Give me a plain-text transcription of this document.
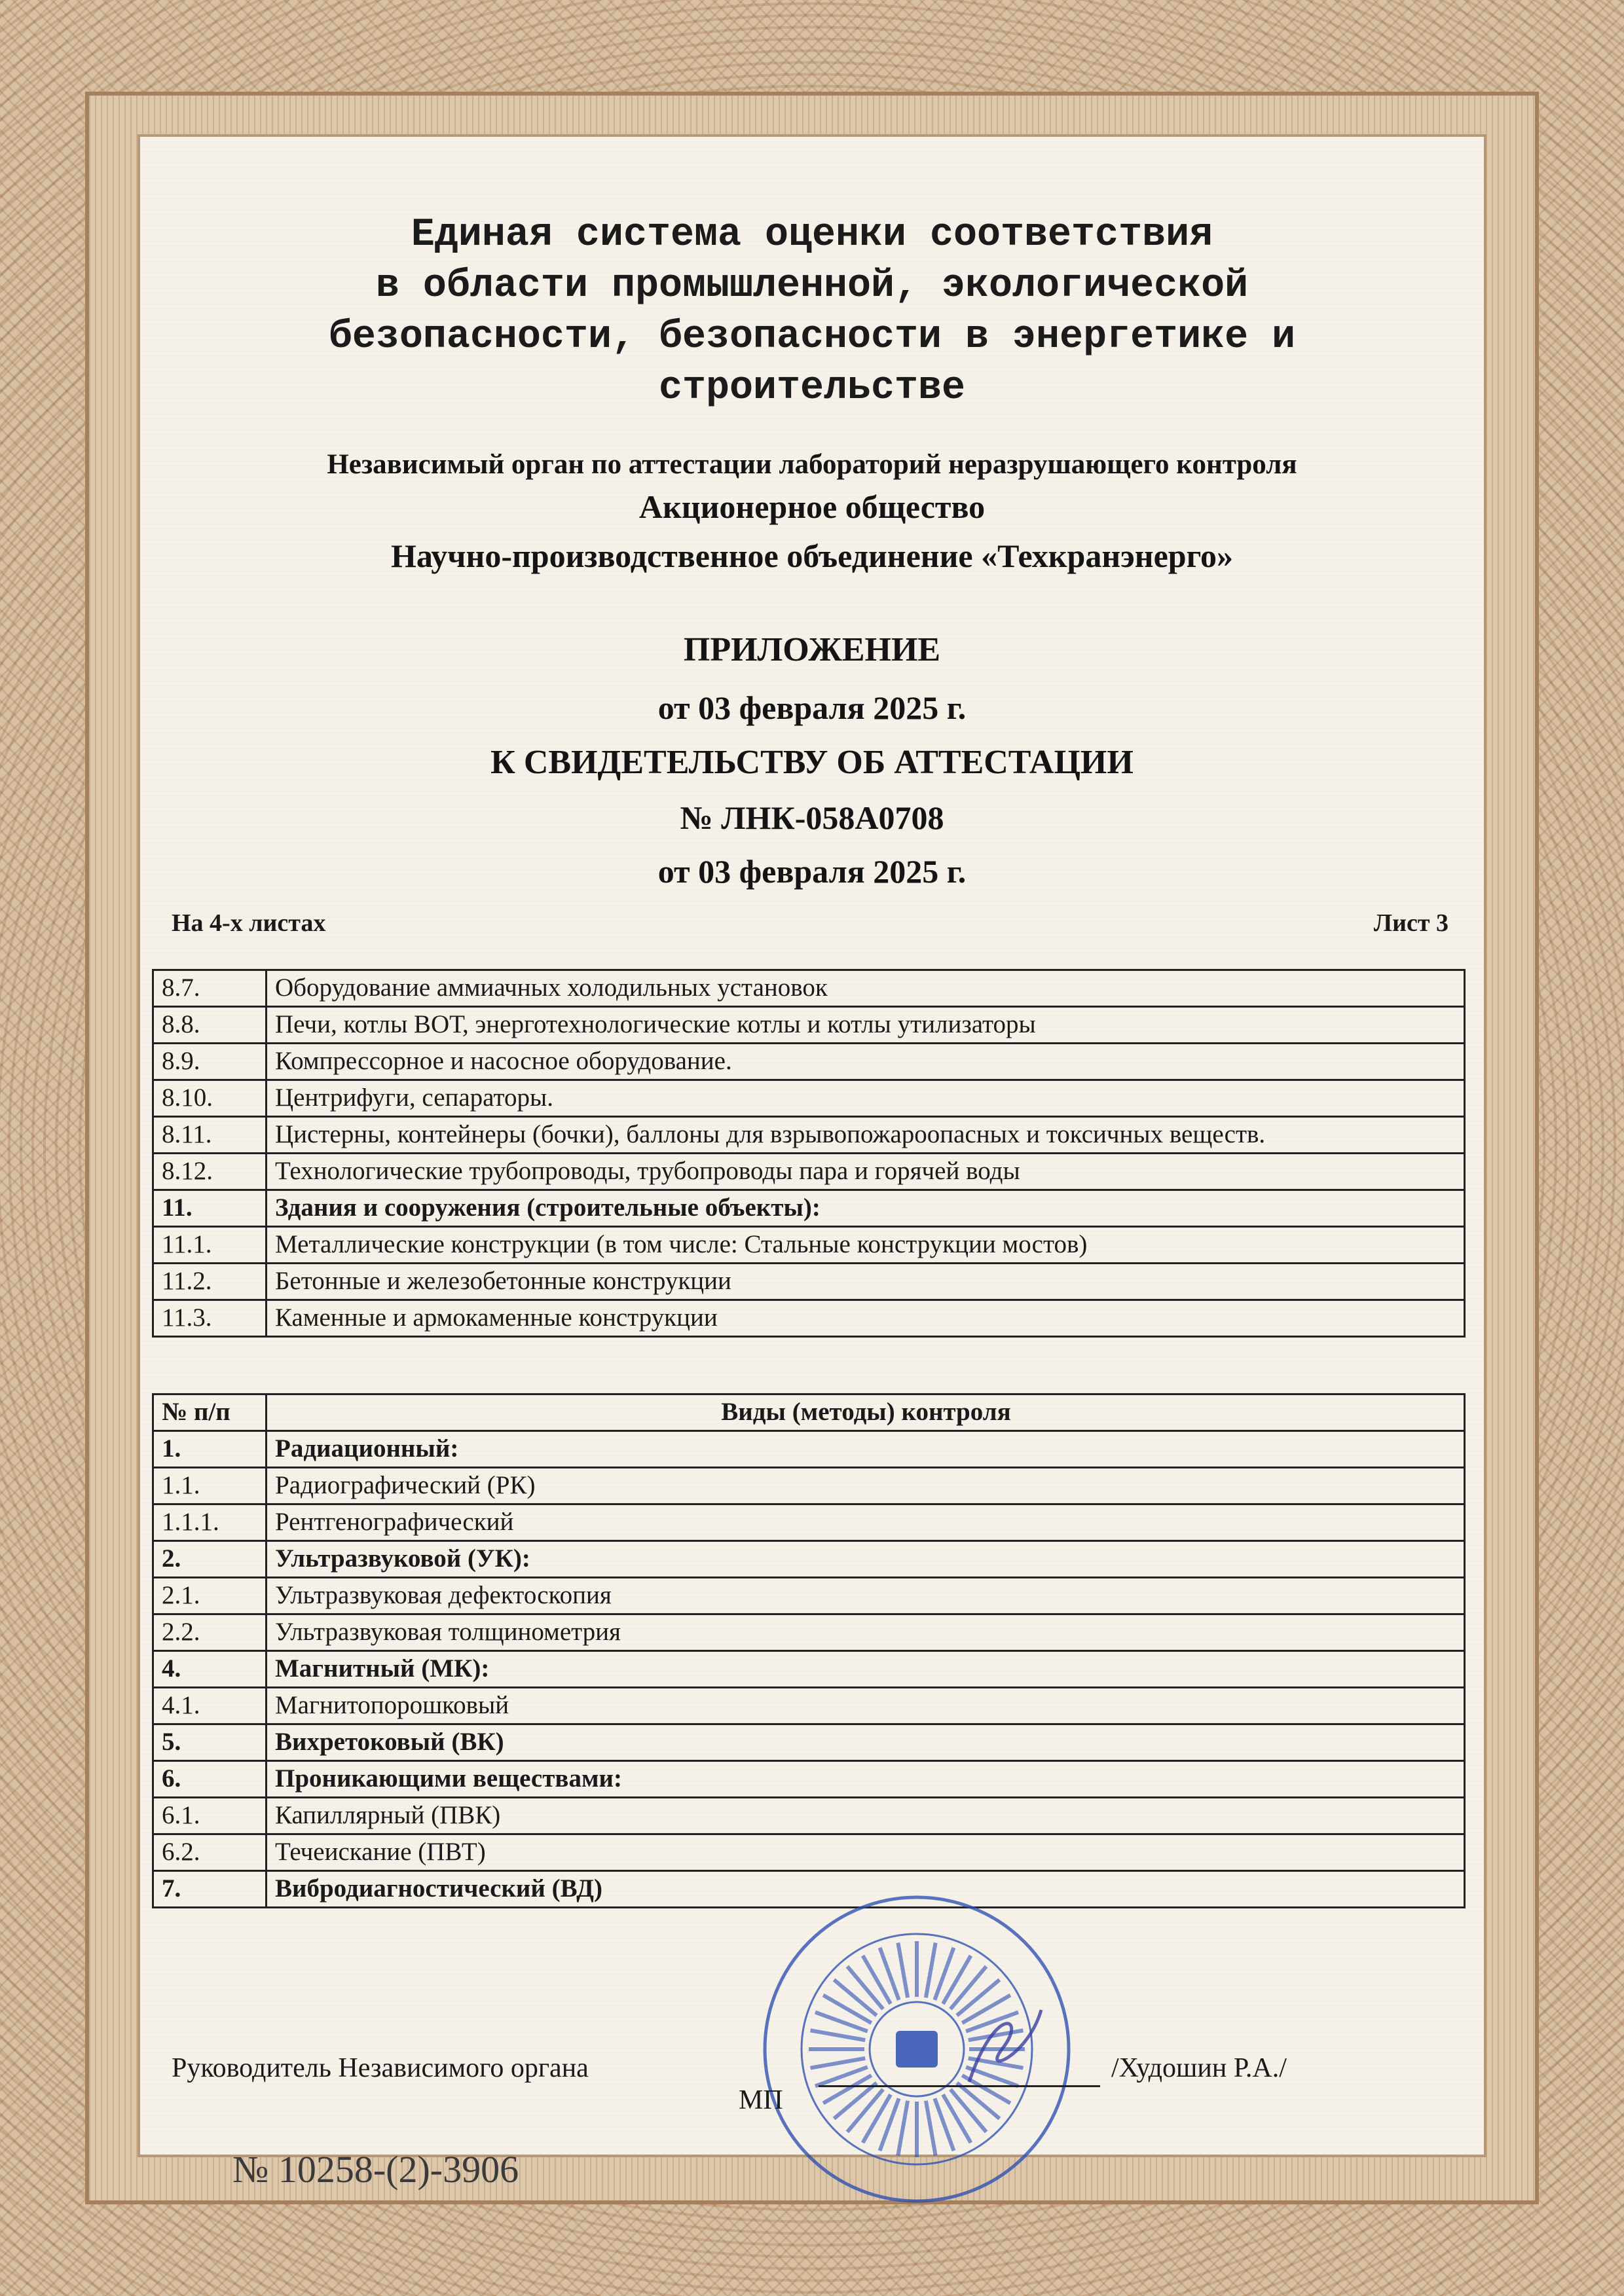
Единая система оценки соответствия

в области промышленной, экологической

безопасности, безопасности в энергетике и

строительстве

Независимый орган по аттестации лабораторий неразрушающего контроля

Акционерное общество

Научно-производственное объединение «Техкранэнерго»

ПРИЛОЖЕНИЕ

от 03 февраля 2025 г.

К СВИДЕТЕЛЬСТВУ ОБ АТТЕСТАЦИИ

№ ЛНК-058А0708

от 03 февраля 2025 г.

На 4-х листах	Лист 3
8.7.	Оборудование аммиачных холодильных установок
8.8.	Печи, котлы ВОТ, энерготехнологические котлы и котлы утилизаторы
8.9.	Компрессорное и насосное оборудование.
8.10.	Центрифуги, сепараторы.
8.11.	Цистерны, контейнеры (бочки), баллоны для взрывопожароопасных и токсичных веществ.
8.12.	Технологические трубопроводы, трубопроводы пара и горячей воды
11.	Здания и сооружения (строительные объекты):
11.1.	Металлические конструкции (в том числе: Стальные конструкции мостов)
11.2.	Бетонные и железобетонные конструкции
11.3.	Каменные и армокаменные конструкции
№ п/п	Виды (методы) контроля
1.	Радиационный:
1.1.	Радиографический (РК)
1.1.1.	Рентгенографический
2.	Ультразвуковой (УК):
2.1.	Ультразвуковая дефектоскопия
2.2.	Ультразвуковая толщинометрия
4.	Магнитный (МК):
4.1.	Магнитопорошковый
5.	Вихретоковый (ВК)
6.	Проникающими веществами:
6.1.	Капиллярный (ПВК)
6.2.	Течеискание (ПВТ)
7.	Вибродиагностический (ВД)
Руководитель Независимого органа	/Худошин Р.А./
МП
№ 10258-(2)-3906
